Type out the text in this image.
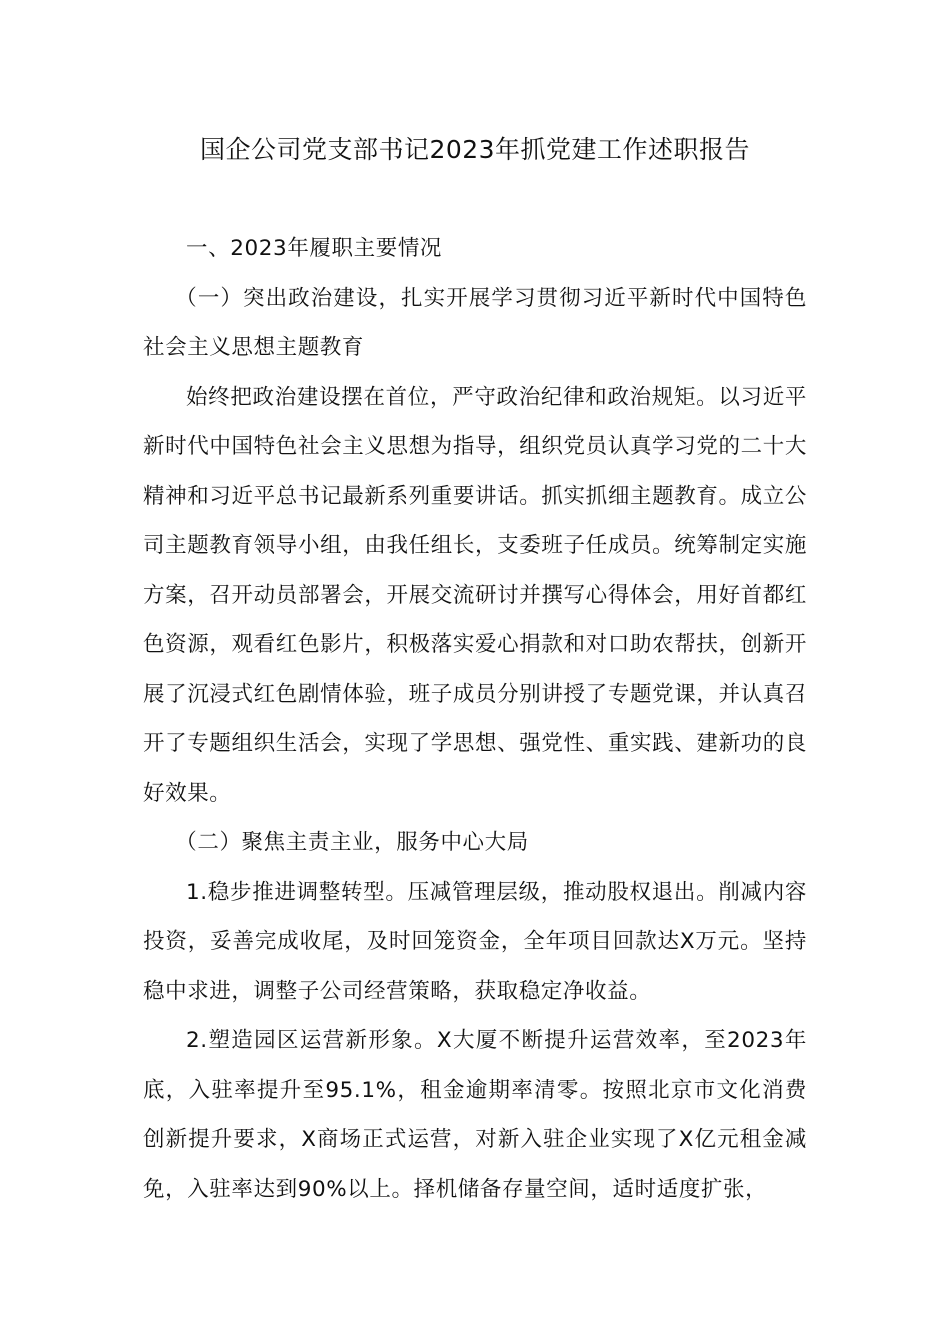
国企公司党支部书记2023年抓党建工作述职报告

一、2023年履职主要情况

（一）突出政治建设，扎实开展学习贯彻习近平新时代中国特色社会主义思想主题教育

始终把政治建设摆在首位，严守政治纪律和政治规矩。以习近平新时代中国特色社会主义思想为指导，组织党员认真学习党的二十大精神和习近平总书记最新系列重要讲话。抓实抓细主题教育。成立公司主题教育领导小组，由我任组长，支委班子任成员。统筹制定实施方案，召开动员部署会，开展交流研讨并撰写心得体会，用好首都红色资源，观看红色影片，积极落实爱心捐款和对口助农帮扶，创新开展了沉浸式红色剧情体验，班子成员分别讲授了专题党课，并认真召开了专题组织生活会，实现了学思想、强党性、重实践、建新功的良好效果。

（二）聚焦主责主业，服务中心大局

1.稳步推进调整转型。压减管理层级，推动股权退出。削减内容投资，妥善完成收尾，及时回笼资金，全年项目回款达X万元。坚持稳中求进，调整子公司经营策略，获取稳定净收益。

2.塑造园区运营新形象。X大厦不断提升运营效率，至2023年底，入驻率提升至95.1%，租金逾期率清零。按照北京市文化消费创新提升要求，X商场正式运营，对新入驻企业实现了X亿元租金减免，入驻率达到90%以上。择机储备存量空间，适时适度扩张，
